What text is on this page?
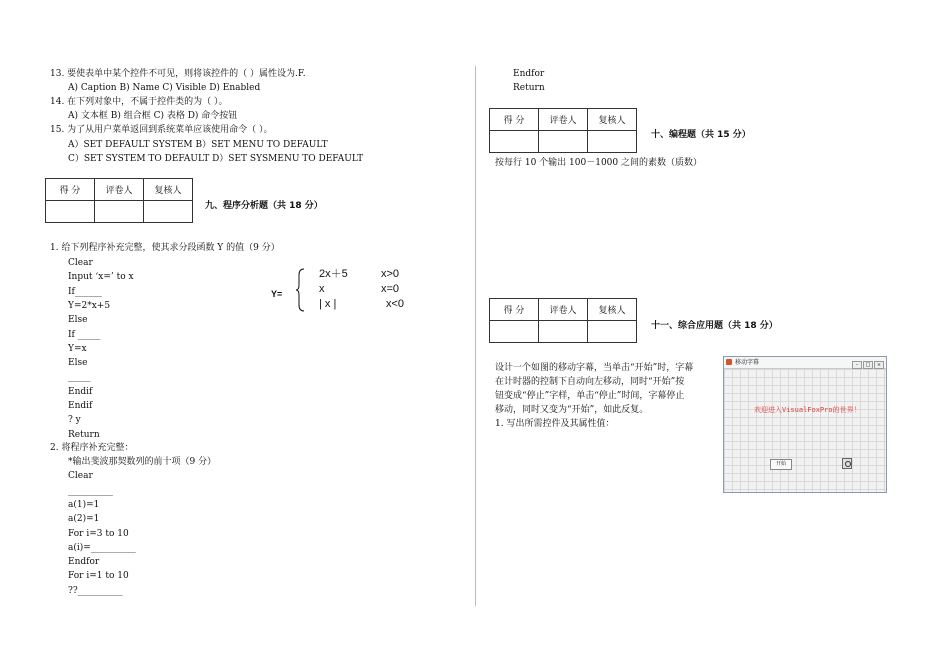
13. 要使表单中某个控件不可见，则将该控件的（ ）属性设为.F.
A) Caption B) Name C) Visible D) Enabled
14. 在下列对象中，不属于控件类的为（ ）。
A) 文本框 B) 组合框 C) 表格 D) 命令按钮
15. 为了从用户菜单返回到系统菜单应该使用命令（ ）。
A）SET DEFAULT SYSTEM B）SET MENU TO DEFAULT
C）SET SYSTEM TO DEFAULT D）SET SYSMENU TO DEFAULT
得 分	评卷人	复核人

九、程序分析题（共 18 分）
1. 给下列程序补充完整，使其求分段函数 Y 的值（9 分）
Clear
Input ‘x=’ to x
If______
Y=2*x+5
Else
If _____
Y=x
Else
_____
Endif
Endif
? y
Return
Y=
2x＋5	x>0
x	x=0
| x |	x<0
2. 将程序补充完整：
*输出斐波那契数列的前十项（9 分）
Clear
__________
a(1)=1
a(2)=1
For i=3 to 10
a(i)=__________
Endfor
For i=1 to 10
??__________
Endfor
Return
得 分	评卷人	复核人

十、编程题（共 15 分）
按每行 10 个输出 100－1000 之间的素数（质数）
得 分	评卷人	复核人

十一、综合应用题（共 18 分）
设计一个如图的移动字幕，当单击“开始”时，字幕
在计时器的控制下自动向左移动，同时“开始”按
钮变成“停止”字样，单击“停止”时间，字幕停止
移动，同时又变为“开始”，如此反复。
1. 写出所需控件及其属性值：
移动字幕	– □ ×
欢迎进入VisualFoxPro的世界！
开始
